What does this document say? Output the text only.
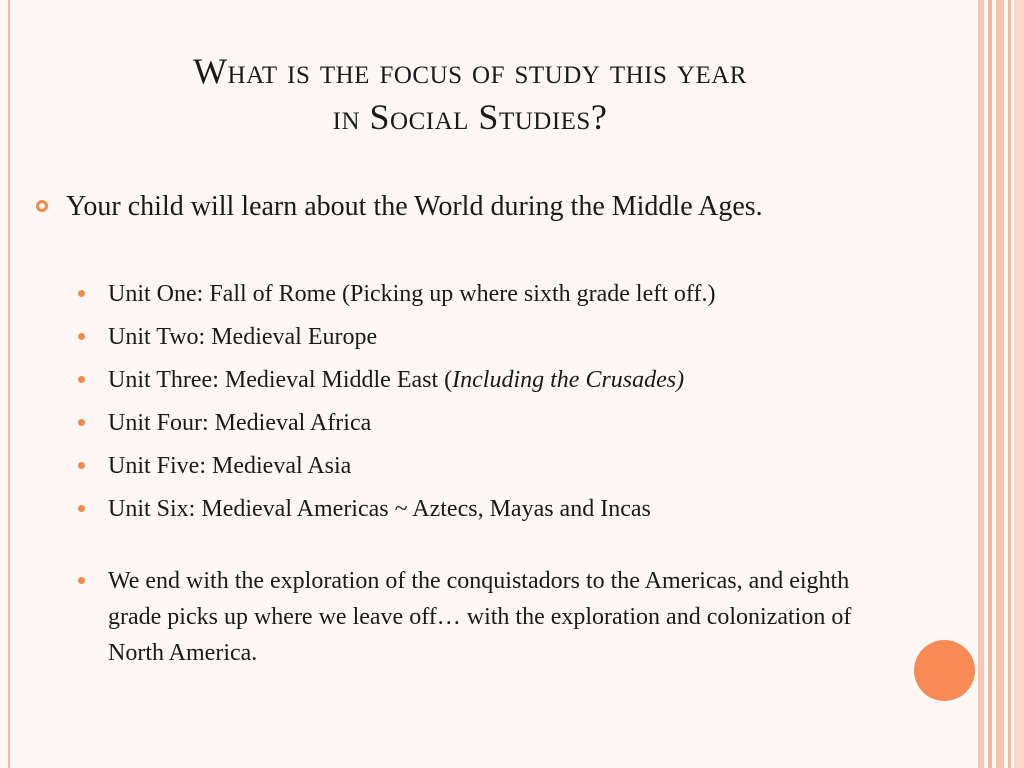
What is the focus of study this year
in Social Studies?
Your child will learn about the World during the Middle Ages.
Unit One: Fall of Rome (Picking up where sixth grade left off.)
Unit Two: Medieval Europe
Unit Three: Medieval Middle East (Including the Crusades)
Unit Four: Medieval Africa
Unit Five: Medieval Asia
Unit Six: Medieval Americas ~ Aztecs, Mayas and Incas
We end with the exploration of the conquistadors to the Americas, and eighth grade picks up where we leave off… with the exploration and colonization of North America.
